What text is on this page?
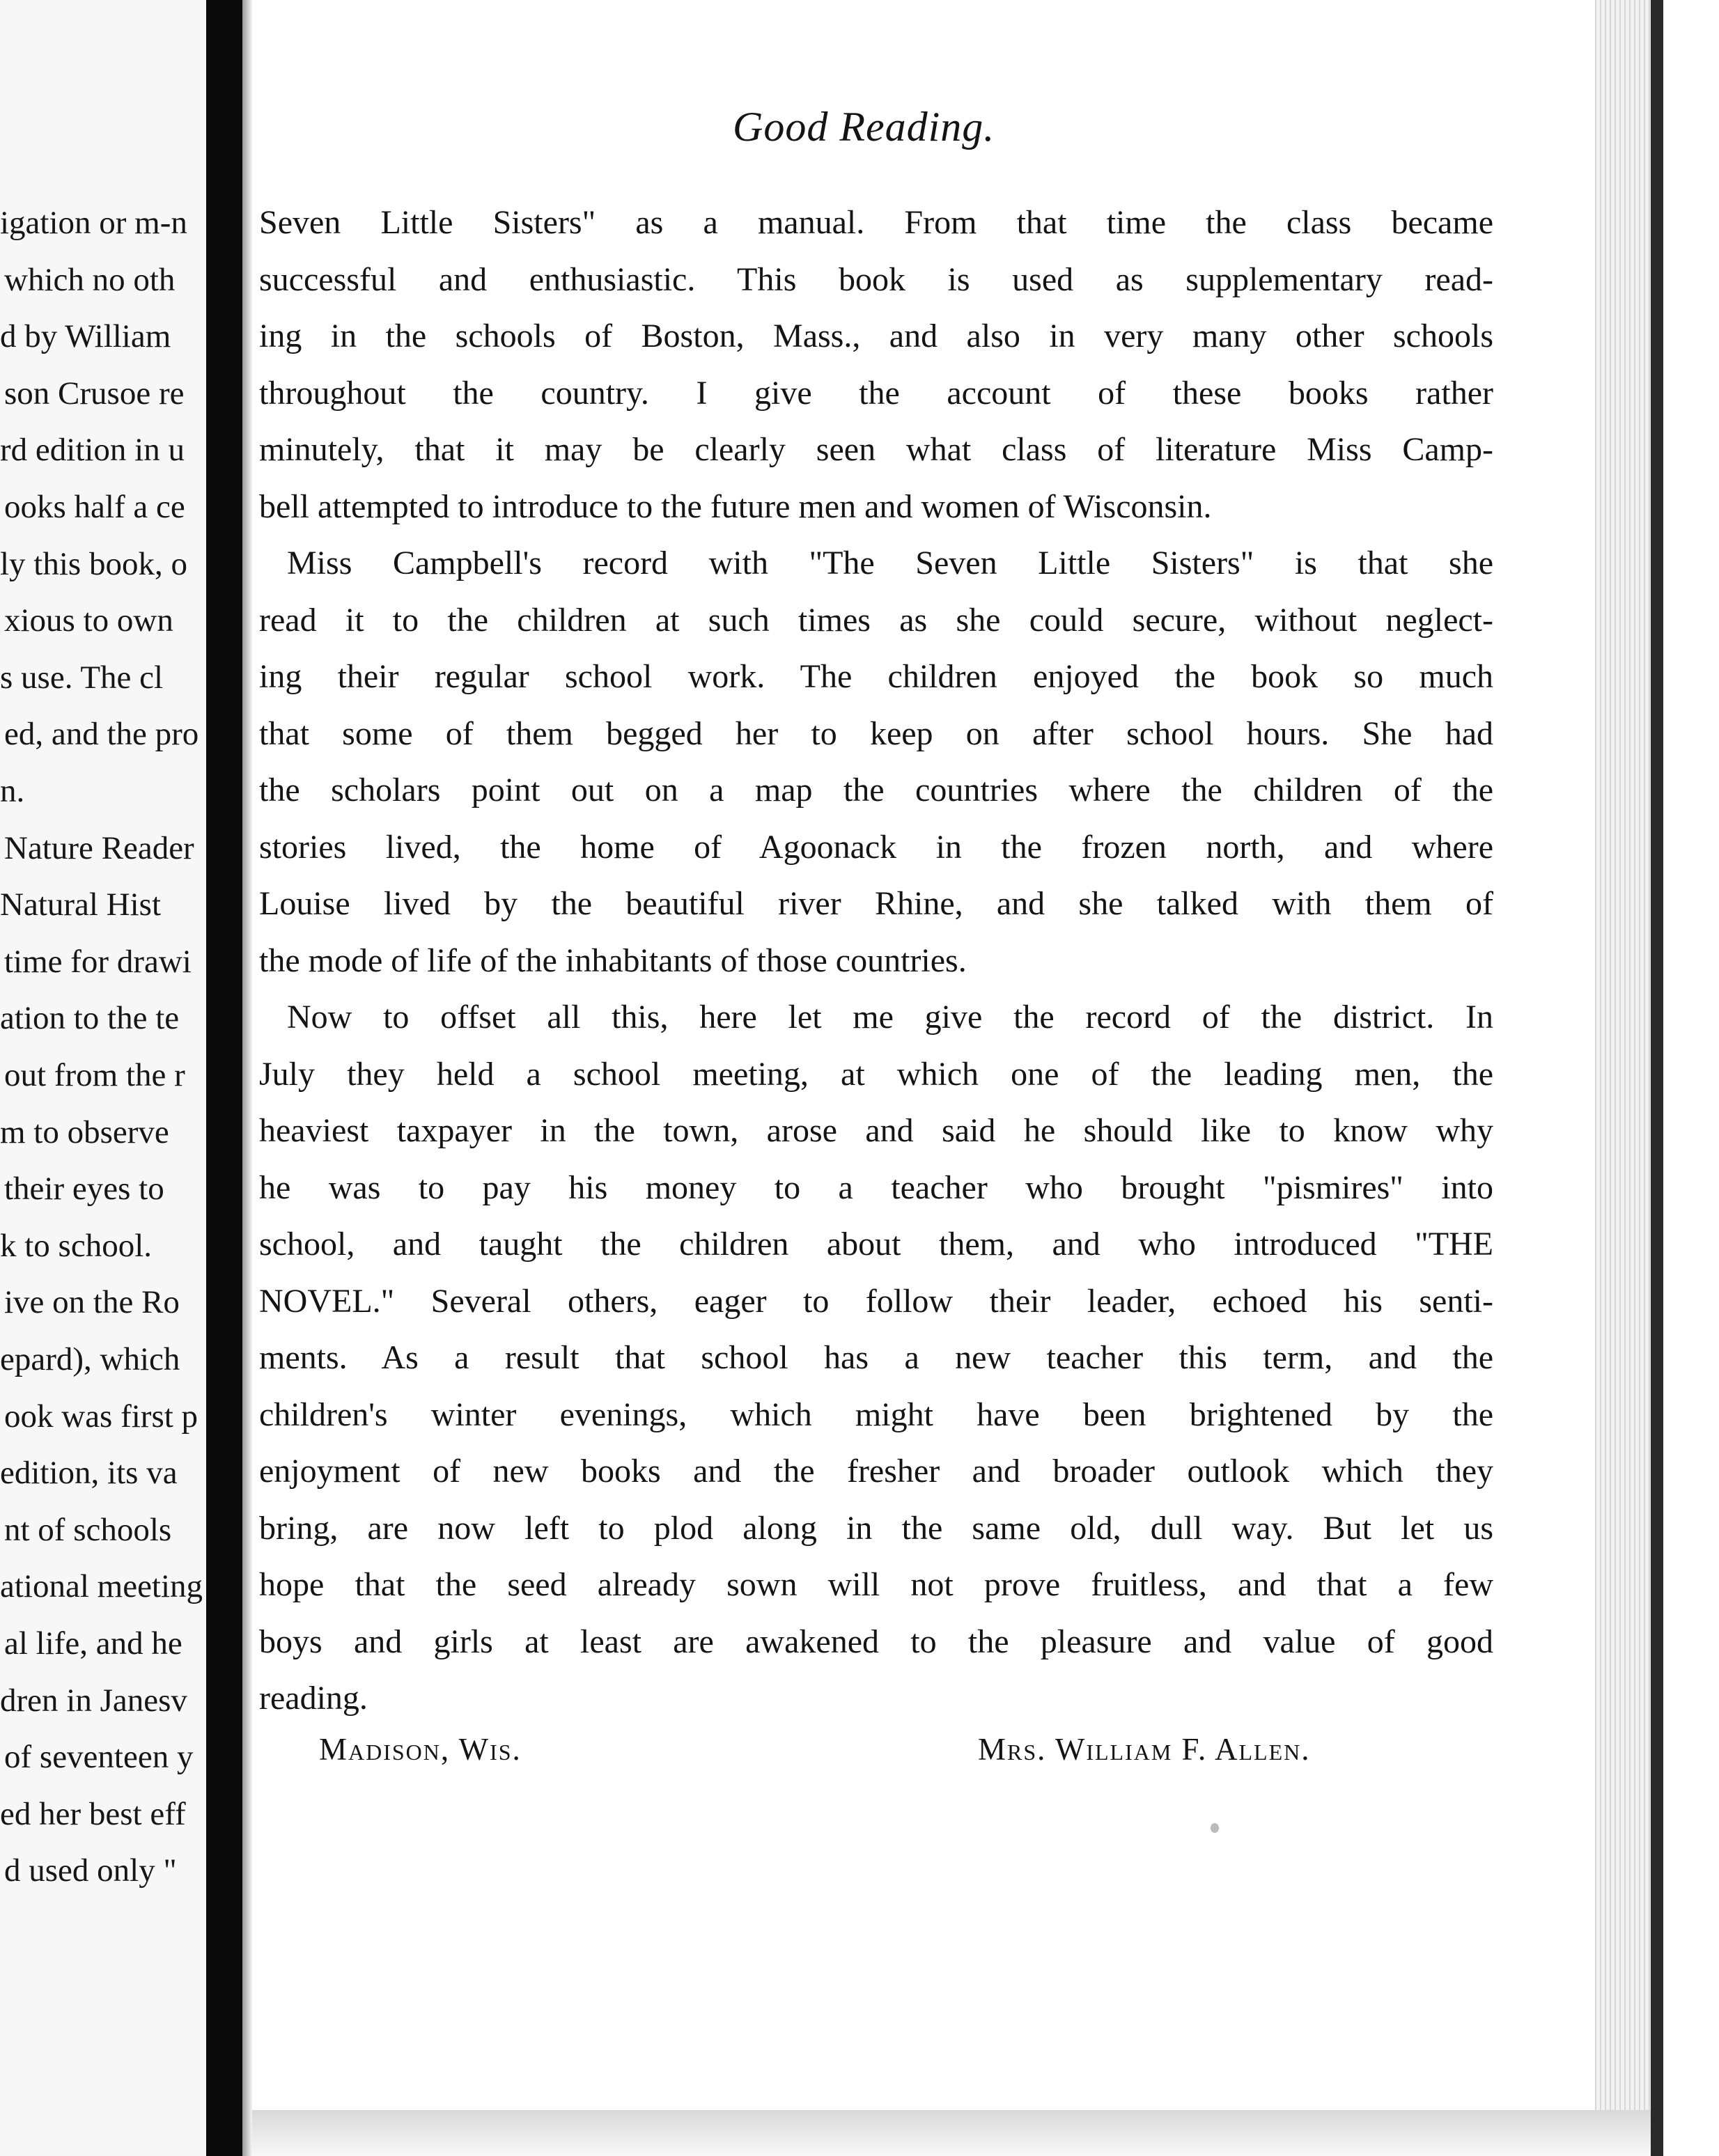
igation or m-n
which no oth
d by William
son Crusoe re
rd edition in u
ooks half a ce
ly this book, o
xious to own
s use. The cl
ed, and the pro
n.
Nature Reader
Natural Hist
time for drawi
ation to the te
out from the r
m to observe
their eyes to
k to school.
ive on the Ro
epard), which
ook was first p
edition, its va
nt of schools
ational meeting
al life, and he
dren in Janesv
of seventeen y
ed her best eff
d used only "
Good Reading.
Seven Little Sisters" as a manual. From that time the class became
successful and enthusiastic. This book is used as supplementary read-
ing in the schools of Boston, Mass., and also in very many other schools
throughout the country. I give the account of these books rather
minutely, that it may be clearly seen what class of literature Miss Camp-
bell attempted to introduce to the future men and women of Wisconsin.
Miss Campbell's record with "The Seven Little Sisters" is that she
read it to the children at such times as she could secure, without neglect-
ing their regular school work. The children enjoyed the book so much
that some of them begged her to keep on after school hours. She had
the scholars point out on a map the countries where the children of the
stories lived, the home of Agoonack in the frozen north, and where
Louise lived by the beautiful river Rhine, and she talked with them of
the mode of life of the inhabitants of those countries.
Now to offset all this, here let me give the record of the district. In
July they held a school meeting, at which one of the leading men, the
heaviest taxpayer in the town, arose and said he should like to know why
he was to pay his money to a teacher who brought "pismires" into
school, and taught the children about them, and who introduced "THE
NOVEL." Several others, eager to follow their leader, echoed his senti-
ments. As a result that school has a new teacher this term, and the
children's winter evenings, which might have been brightened by the
enjoyment of new books and the fresher and broader outlook which they
bring, are now left to plod along in the same old, dull way. But let us
hope that the seed already sown will not prove fruitless, and that a few
boys and girls at least are awakened to the pleasure and value of good
reading.
Madison, Wis.	Mrs. William F. Allen.
